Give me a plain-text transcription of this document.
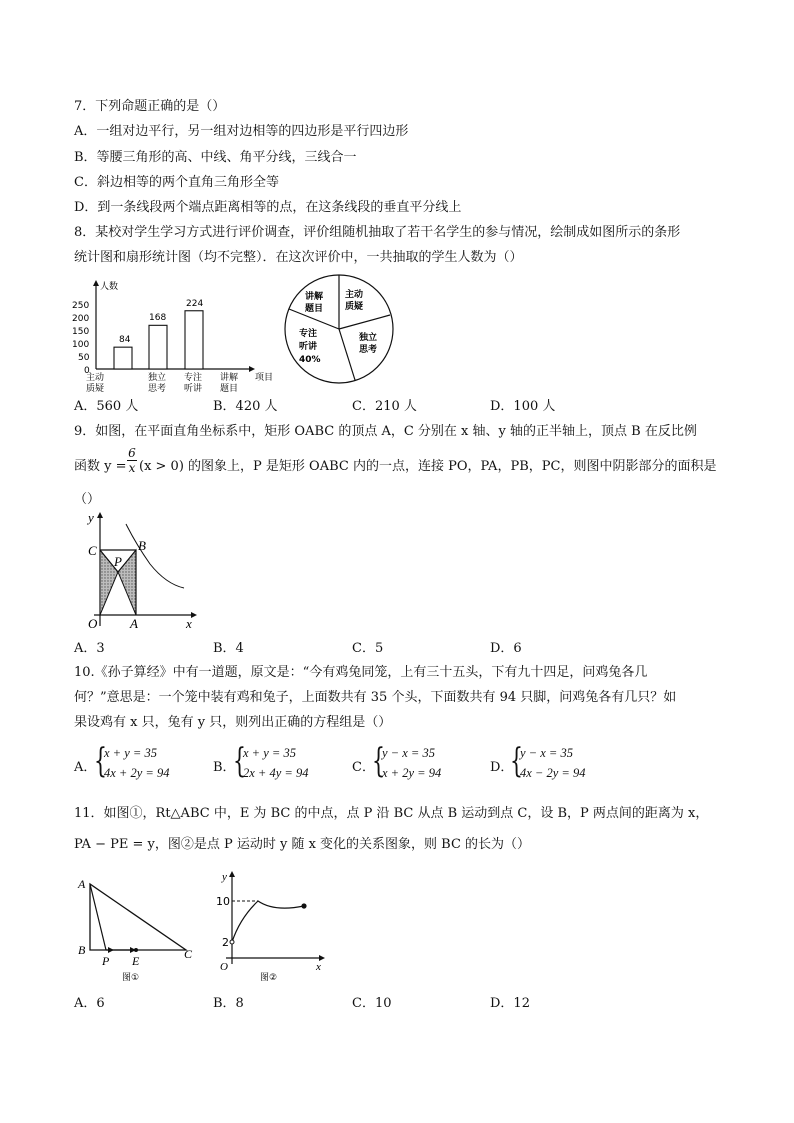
7．下列命题正确的是（）
A．一组对边平行，另一组对边相等的四边形是平行四边形
B．等腰三角形的高、中线、角平分线，三线合一
C．斜边相等的两个直角三角形全等
D．到一条线段两个端点距离相等的点，在这条线段的垂直平分线上
8．某校对学生学习方式进行评价调查，评价组随机抽取了若干名学生的参与情况，绘制成如图所示的条形
统计图和扇形统计图（均不完整）．在这次评价中，一共抽取的学生人数为（）
人数
250
200
150
100
50
0
84
168
224
项目
主动
质疑
独立
思考
专注
听讲
讲解
题目
讲解
题目
主动
质疑
独立
思考
专注
听讲
40%
A．560 人	B．420 人	C．210 人	D．100 人
9．如图，在平面直角坐标系中，矩形 OABC 的顶点 A，C 分别在 x 轴、y 轴的正半轴上，顶点 B 在反比例
函数 $y = \frac{6}{x} (x > 0)$ 的图象上，P 是矩形 OABC 内的一点，连接 PO，PA，PB，PC，则图中阴影部分的面积是
（）
y
x
C	B
P
O	A
A．3	B．4	C．5	D．6
10.《孙子算经》中有一道题，原文是：“今有鸡兔同笼，上有三十五头，下有九十四足，问鸡兔各几
何？”意思是：一个笼中装有鸡和兔子，上面数共有 35 个头，下面数共有 94 只脚，问鸡兔各有几只？如
果设鸡有 x 只，兔有 y 只，则列出正确的方程组是（）
A．
{
x + y = 35
4x + 2y = 94	B．
{
x + y = 35
2x + 4y = 94	C．
{
y − x = 35
x + 2y = 94	D．
{
y − x = 35
4x − 2y = 94
11．如图①，Rt△ABC 中，E 为 BC 的中点，点 P 沿 BC 从点 B 运动到点 C，设 B，P 两点间的距离为 x，
PA − PE = y，图②是点 P 运动时 y 随 x 变化的关系图象，则 BC 的长为（）
A
B
P E	C
图①
y
x
O
10
2
图②
A．6	B．8	C．10	D．12
